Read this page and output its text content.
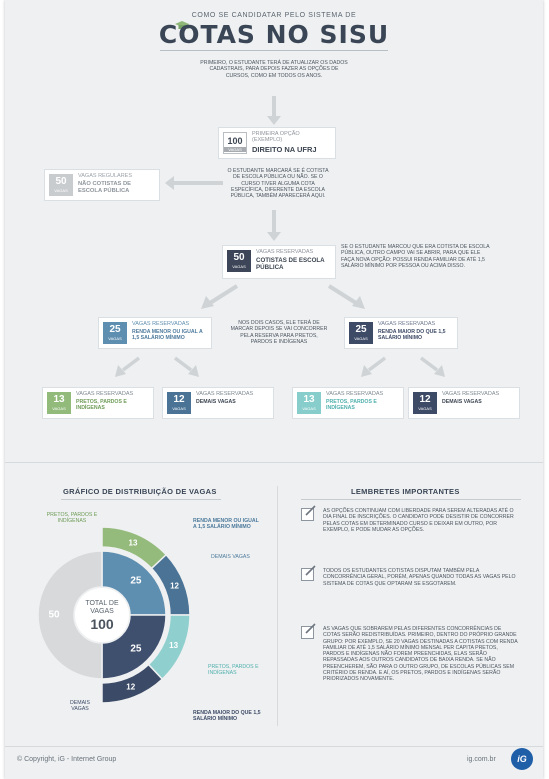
COMO SE CANDIDATAR PELO SISTEMA DE
COTAS NO SISU
PRIMEIRO, O ESTUDANTE TERÁ DE ATUALIZAR OS DADOS CADASTRAIS, PARA DEPOIS FAZER AS OPÇÕES DE CURSOS, COMO EM TODOS OS ANOS.
100
VAGAS
PRIMEIRA OPÇÃO
(EXEMPLO)
DIREITO NA UFRJ
O ESTUDANTE MARCARÁ SE É COTISTA DE ESCOLA PÚBLICA OU NÃO. SE O CURSO TIVER ALGUMA COTA ESPECÍFICA, DIFERENTE DA ESCOLA PÚBLICA, TAMBÉM APARECERÁ AQUI.
50
VAGAS
VAGAS REGULARES
NÃO COTISTAS DE ESCOLA PÚBLICA
50
VAGAS
VAGAS RESERVADAS
COTISTAS DE ESCOLA PÚBLICA
SE O ESTUDANTE MARCOU QUE ERA COTISTA DE ESCOLA PÚBLICA, OUTRO CAMPO VAI SE ABRIR, PARA QUE ELE FAÇA NOVA OPÇÃO: POSSUI RENDA FAMILIAR DE ATÉ 1,5 SALÁRIO MÍNIMO POR PESSOA OU ACIMA DISSO.
25
VAGAS
VAGAS RESERVADAS
RENDA MENOR OU IGUAL A 1,5 SALÁRIO MÍNIMO
NOS DOIS CASOS, ELE TERÁ DE MARCAR DEPOIS SE VAI CONCORRER PELA RESERVA PARA PRETOS, PARDOS E INDÍGENAS
25
VAGAS
VAGAS RESERVADAS
RENDA MAIOR DO QUE 1,5 SALÁRIO MÍNIMO
13
VAGAS
VAGAS RESERVADAS
PRETOS, PARDOS E INDÍGENAS
12
VAGAS
VAGAS RESERVADAS
DEMAIS VAGAS	13
VAGAS
VAGAS RESERVADAS
PRETOS, PARDOS E INDÍGENAS
12
VAGAS
VAGAS RESERVADAS
DEMAIS VAGAS
GRÁFICO DE DISTRIBUIÇÃO DE VAGAS
25
25
50
13
12
13
12
TOTAL DE VAGAS
100
PRETOS, PARDOS E INDÍGENAS	RENDA MENOR OU IGUAL A 1,5 SALÁRIO MÍNIMO
DEMAIS VAGAS
PRETOS, PARDOS E INDÍGENAS
DEMAIS VAGAS
RENDA MAIOR DO QUE 1,5 SALÁRIO MÍNIMO
LEMBRETES IMPORTANTES
AS OPÇÕES CONTINUAM COM LIBERDADE PARA SEREM ALTERADAS ATÉ O DIA FINAL DE INSCRIÇÕES. O CANDIDATO PODE DESISTIR DE CONCORRER PELAS COTAS EM DETERMINADO CURSO E DEIXAR EM OUTRO, POR EXEMPLO, E PODE MUDAR AS OPÇÕES.
TODOS OS ESTUDANTES COTISTAS DISPUTAM TAMBÉM PELA CONCORRÊNCIA GERAL, PORÉM, APENAS QUANDO TODAS AS VAGAS PELO SISTEMA DE COTAS QUE OPTARAM SE ESGOTAREM.
AS VAGAS QUE SOBRAREM PELAS DIFERENTES CONCORRÊNCIAS DE COTAS SERÃO REDISTRIBUÍDAS. PRIMEIRO, DENTRO DO PRÓPRIO GRANDE GRUPO: POR EXEMPLO, SE 20 VAGAS DESTINADAS A COTISTAS COM RENDA FAMILIAR DE ATÉ 1,5 SALÁRIO MÍNIMO MENSAL PER CAPITA PRETOS, PARDOS E INDÍGENAS NÃO FOREM PREENCHIDAS, ELAS SERÃO REPASSADAS AOS OUTROS CANDIDATOS DE BAIXA RENDA. SE NÃO PREENCHEREM, SÃO PARA O OUTRO GRUPO, DE ESCOLAS PÚBLICAS SEM CRITÉRIO DE RENDA. E AÍ, OS PRETOS, PARDOS E INDÍGENAS SERÃO PRIORIZADOS NOVAMENTE.
© Copyright, iG - Internet Group	ig.com.br	iG
